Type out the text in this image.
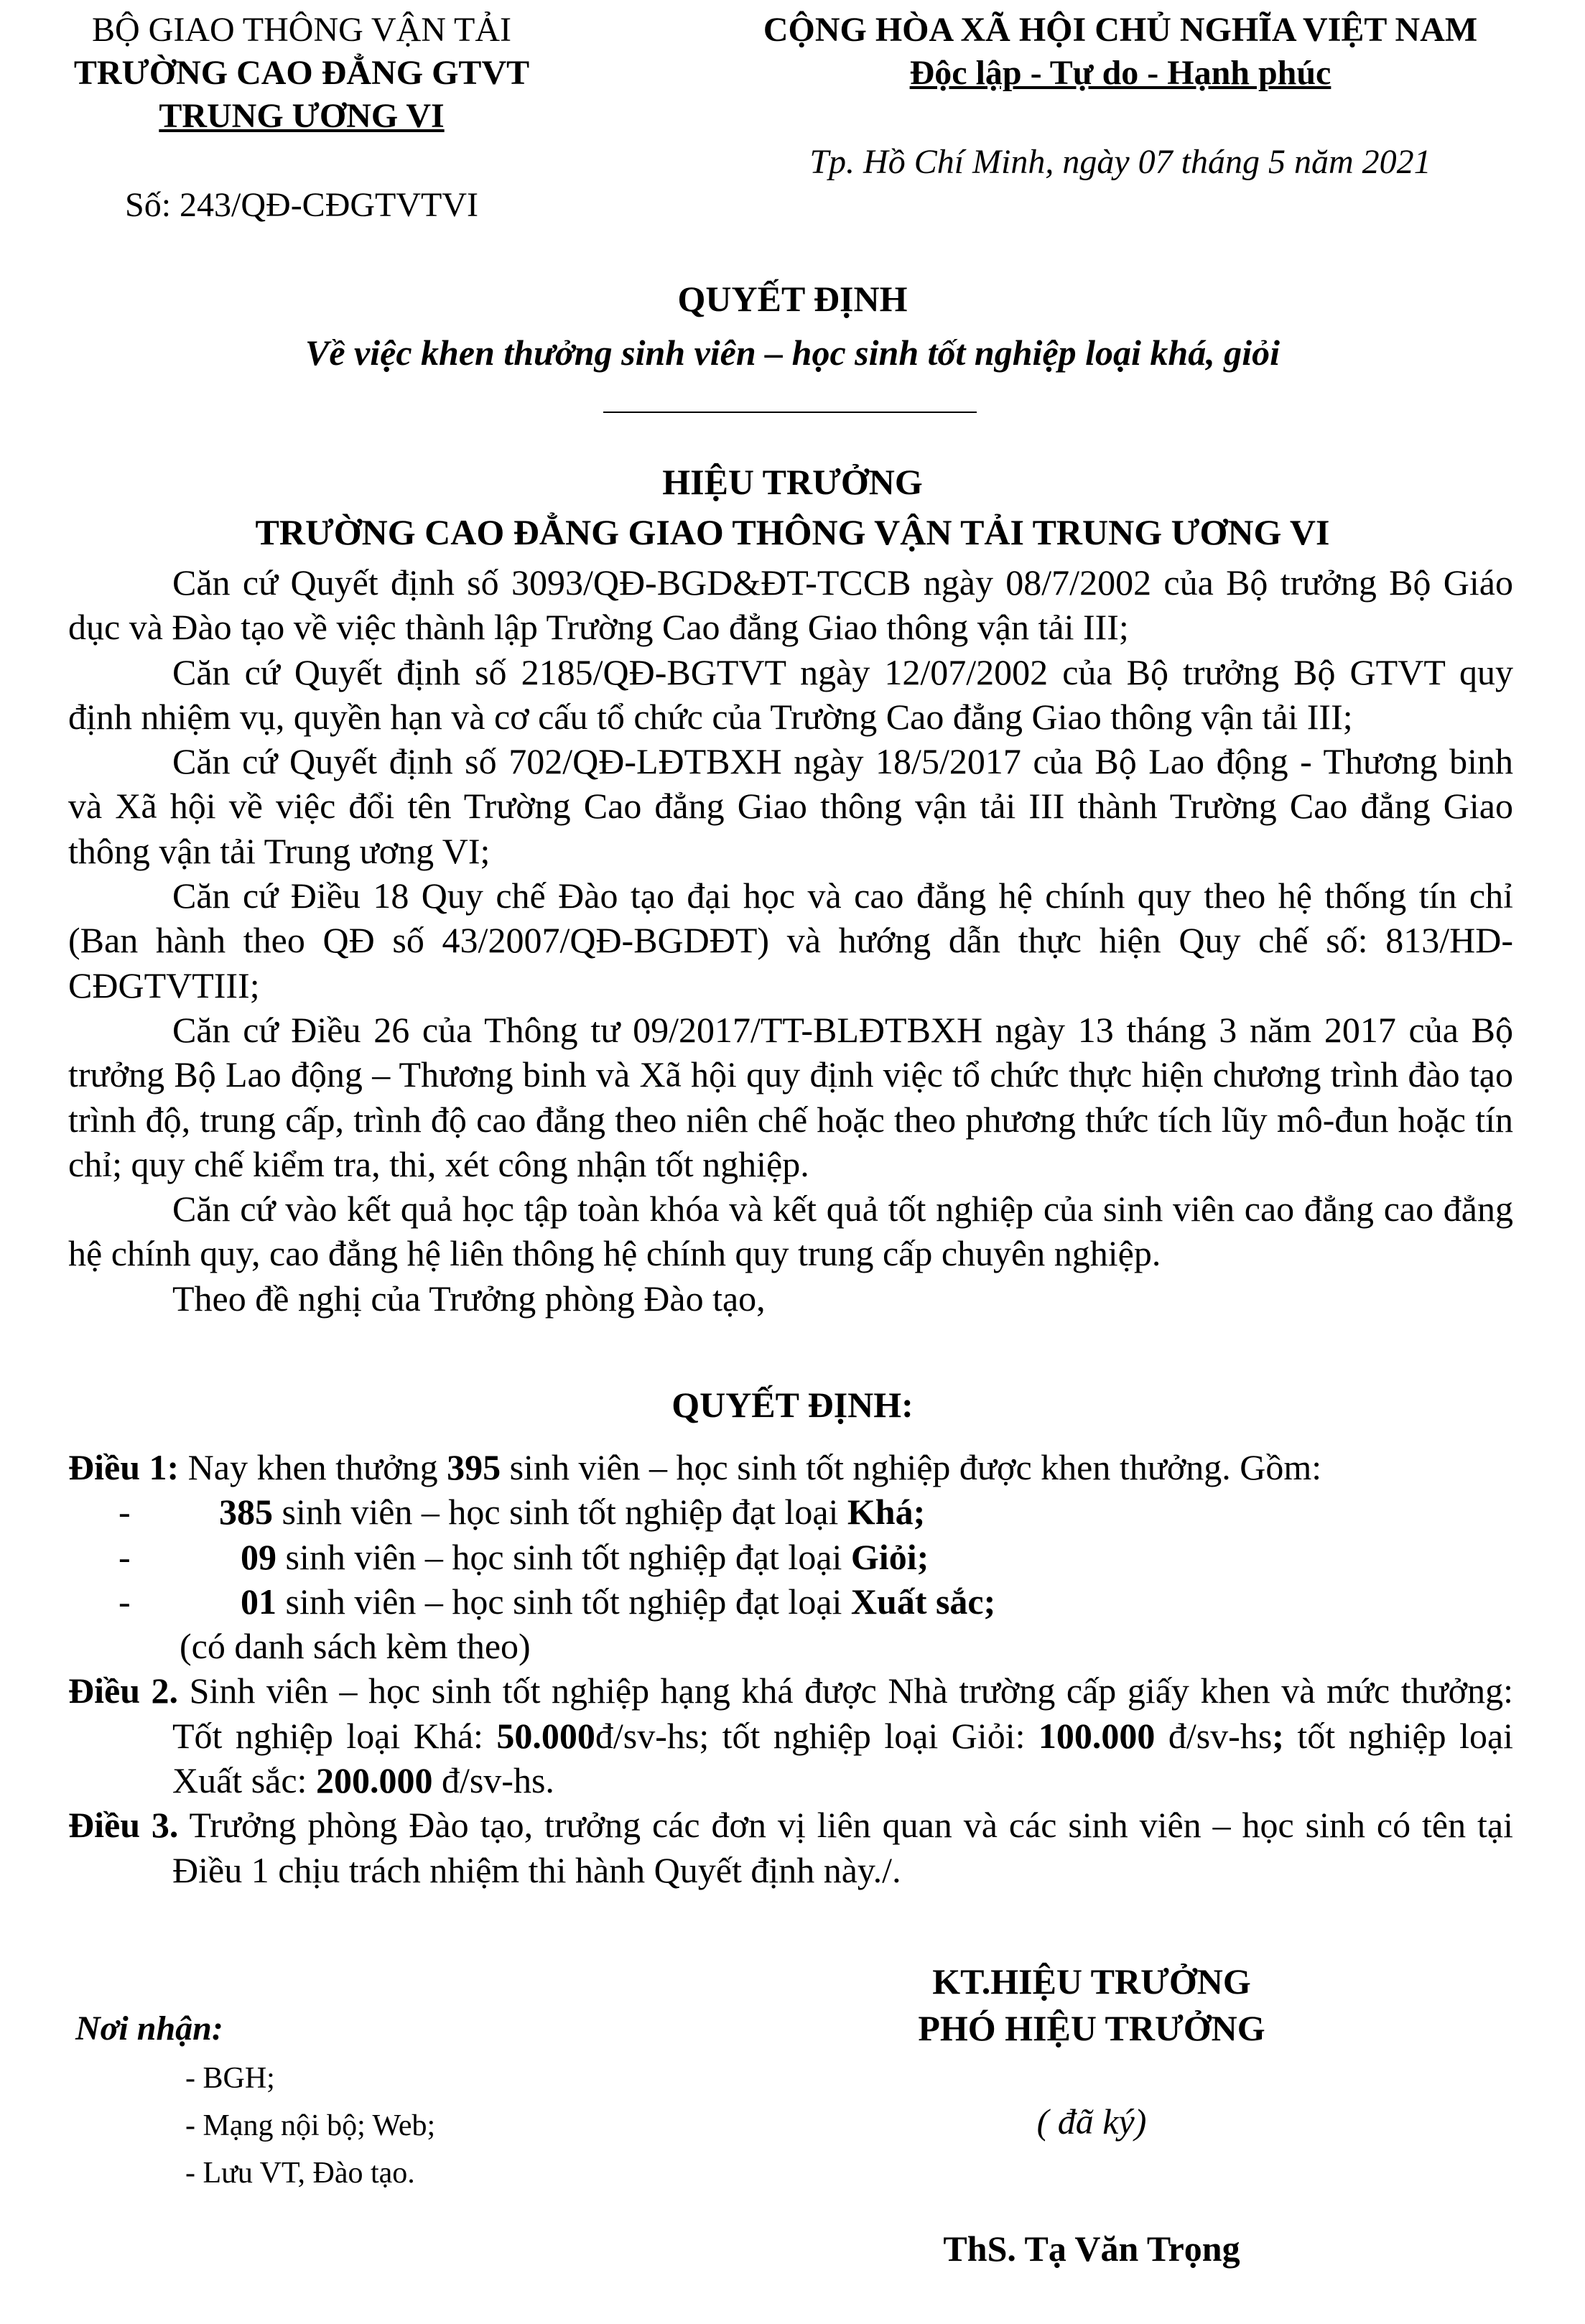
BỘ GIAO THÔNG VẬN TẢI
TRƯỜNG CAO ĐẲNG GTVT
TRUNG ƯƠNG VI
Số: 243/QĐ-CĐGTVTVI
CỘNG HÒA XÃ HỘI CHỦ NGHĨA VIỆT NAM
Độc lập - Tự do - Hạnh phúc
Tp. Hồ Chí Minh, ngày 07 tháng 5 năm 2021
QUYẾT ĐỊNH
Về việc khen thưởng sinh viên – học sinh tốt nghiệp loại khá, giỏi
HIỆU TRƯỞNG
TRƯỜNG CAO ĐẲNG GIAO THÔNG VẬN TẢI TRUNG ƯƠNG VI

Căn cứ Quyết định số 3093/QĐ-BGD&ĐT-TCCB ngày 08/7/2002 của Bộ trưởng Bộ Giáo dục và Đào tạo về việc thành lập Trường Cao đẳng Giao thông vận tải III;

Căn cứ Quyết định số 2185/QĐ-BGTVT ngày 12/07/2002 của Bộ trưởng Bộ GTVT quy định nhiệm vụ, quyền hạn và cơ cấu tổ chức của Trường Cao đẳng Giao thông vận tải III;

Căn cứ Quyết định số 702/QĐ-LĐTBXH ngày 18/5/2017 của Bộ Lao động - Thương binh và Xã hội về việc đổi tên Trường Cao đẳng Giao thông vận tải III thành Trường Cao đẳng Giao thông vận tải Trung ương VI;

Căn cứ Điều 18 Quy chế Đào tạo đại học và cao đẳng hệ chính quy theo hệ thống tín chỉ (Ban hành theo QĐ số 43/2007/QĐ-BGDĐT) và hướng dẫn thực hiện Quy chế số: 813/HD-CĐGTVTIII;

Căn cứ Điều 26 của Thông tư 09/2017/TT-BLĐTBXH ngày 13 tháng 3 năm 2017 của Bộ trưởng Bộ Lao động – Thương binh và Xã hội quy định việc tổ chức thực hiện chương trình đào tạo trình độ, trung cấp, trình độ cao đẳng theo niên chế hoặc theo phương thức tích lũy mô-đun hoặc tín chỉ; quy chế kiểm tra, thi, xét công nhận tốt nghiệp.

Căn cứ vào kết quả học tập toàn khóa và kết quả tốt nghiệp của sinh viên cao đẳng cao đẳng hệ chính quy, cao đẳng hệ liên thông hệ chính quy trung cấp chuyên nghiệp.

Theo đề nghị của Trưởng phòng Đào tạo,

QUYẾT ĐỊNH:

Điều 1: Nay khen thưởng 395 sinh viên – học sinh tốt nghiệp được khen thưởng. Gồm:

- 385 sinh viên – học sinh tốt nghiệp đạt loại Khá;

-	09 sinh viên – học sinh tốt nghiệp đạt loại Giỏi;

-	01 sinh viên – học sinh tốt nghiệp đạt loại Xuất sắc;

(có danh sách kèm theo)

Điều 2. Sinh viên – học sinh tốt nghiệp hạng khá được Nhà trường cấp giấy khen và mức thưởng: Tốt nghiệp loại Khá: 50.000đ/sv-hs; tốt nghiệp loại Giỏi: 100.000 đ/sv-hs; tốt nghiệp loại Xuất sắc: 200.000 đ/sv-hs.

Điều 3. Trưởng phòng Đào tạo, trưởng các đơn vị liên quan và các sinh viên – học sinh có tên tại Điều 1 chịu trách nhiệm thi hành Quyết định này./.

KT.HIỆU TRƯỞNG
PHÓ HIỆU TRƯỞNG
( đã ký)
ThS. Tạ Văn Trọng
Nơi nhận:
- BGH;
- Mạng nội bộ; Web;
- Lưu VT, Đào tạo.
